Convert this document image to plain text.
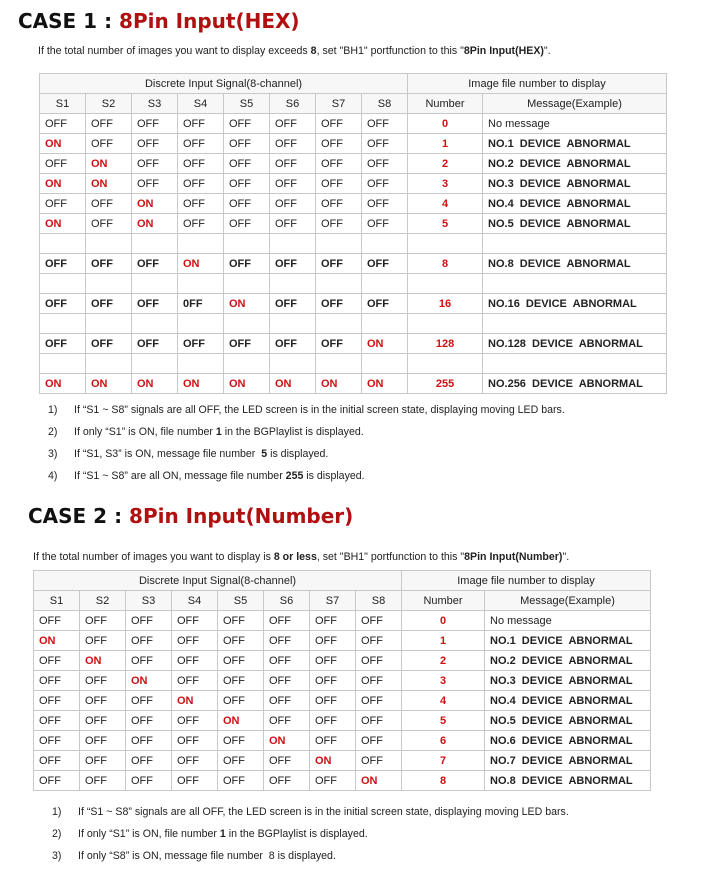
CASE 1 : 8Pin Input(HEX)
If the total number of images you want to display exceeds 8, set "BH1" portfunction to this "8Pin Input(HEX)".
Discrete Input Signal(8-channel)								Image file number to display	
S1	S2	S3	S4	S5	S6	S7	S8	Number	Message(Example)
OFF	OFF	OFF	OFF	OFF	OFF	OFF	OFF	0	No message
ON	OFF	OFF	OFF	OFF	OFF	OFF	OFF	1	NO.1  DEVICE  ABNORMAL
OFF	ON	OFF	OFF	OFF	OFF	OFF	OFF	2	NO.2  DEVICE  ABNORMAL
ON	ON	OFF	OFF	OFF	OFF	OFF	OFF	3	NO.3  DEVICE  ABNORMAL
OFF	OFF	ON	OFF	OFF	OFF	OFF	OFF	4	NO.4  DEVICE  ABNORMAL
ON	OFF	ON	OFF	OFF	OFF	OFF	OFF	5	NO.5  DEVICE  ABNORMAL

OFF	OFF	OFF	ON	OFF	OFF	OFF	OFF	8	NO.8  DEVICE  ABNORMAL

OFF	OFF	OFF	0FF	ON	OFF	OFF	OFF	16	NO.16  DEVICE  ABNORMAL

OFF	OFF	OFF	OFF	OFF	OFF	OFF	ON	128	NO.128  DEVICE  ABNORMAL

ON	ON	ON	ON	ON	ON	ON	ON	255	NO.256  DEVICE  ABNORMAL
1) If “S1 ~ S8” signals are all OFF, the LED screen is in the initial screen state, displaying moving LED bars.
2) If only “S1” is ON, file number 1 in the BGPlaylist is displayed.
3) If “S1, S3” is ON, message file number  5 is displayed.
4) If “S1 ~ S8” are all ON, message file number 255 is displayed.
CASE 2 : 8Pin Input(Number)
If the total number of images you want to display is 8 or less, set "BH1" portfunction to this "8Pin Input(Number)".
Discrete Input Signal(8-channel)								Image file number to display	
S1	S2	S3	S4	S5	S6	S7	S8	Number	Message(Example)
OFF	OFF	OFF	OFF	OFF	OFF	OFF	OFF	0	No message
ON	OFF	OFF	OFF	OFF	OFF	OFF	OFF	1	NO.1  DEVICE  ABNORMAL
OFF	ON	OFF	OFF	OFF	OFF	OFF	OFF	2	NO.2  DEVICE  ABNORMAL
OFF	OFF	ON	OFF	OFF	OFF	OFF	OFF	3	NO.3  DEVICE  ABNORMAL
OFF	OFF	OFF	ON	OFF	OFF	OFF	OFF	4	NO.4  DEVICE  ABNORMAL
OFF	OFF	OFF	OFF	ON	OFF	OFF	OFF	5	NO.5  DEVICE  ABNORMAL
OFF	OFF	OFF	OFF	OFF	ON	OFF	OFF	6	NO.6  DEVICE  ABNORMAL
OFF	OFF	OFF	OFF	OFF	OFF	ON	OFF	7	NO.7  DEVICE  ABNORMAL
OFF	OFF	OFF	OFF	OFF	OFF	OFF	ON	8	NO.8  DEVICE  ABNORMAL
1) If “S1 ~ S8” signals are all OFF, the LED screen is in the initial screen state, displaying moving LED bars.
2) If only “S1” is ON, file number 1 in the BGPlaylist is displayed.
3) If only “S8” is ON, message file number  8 is displayed.
